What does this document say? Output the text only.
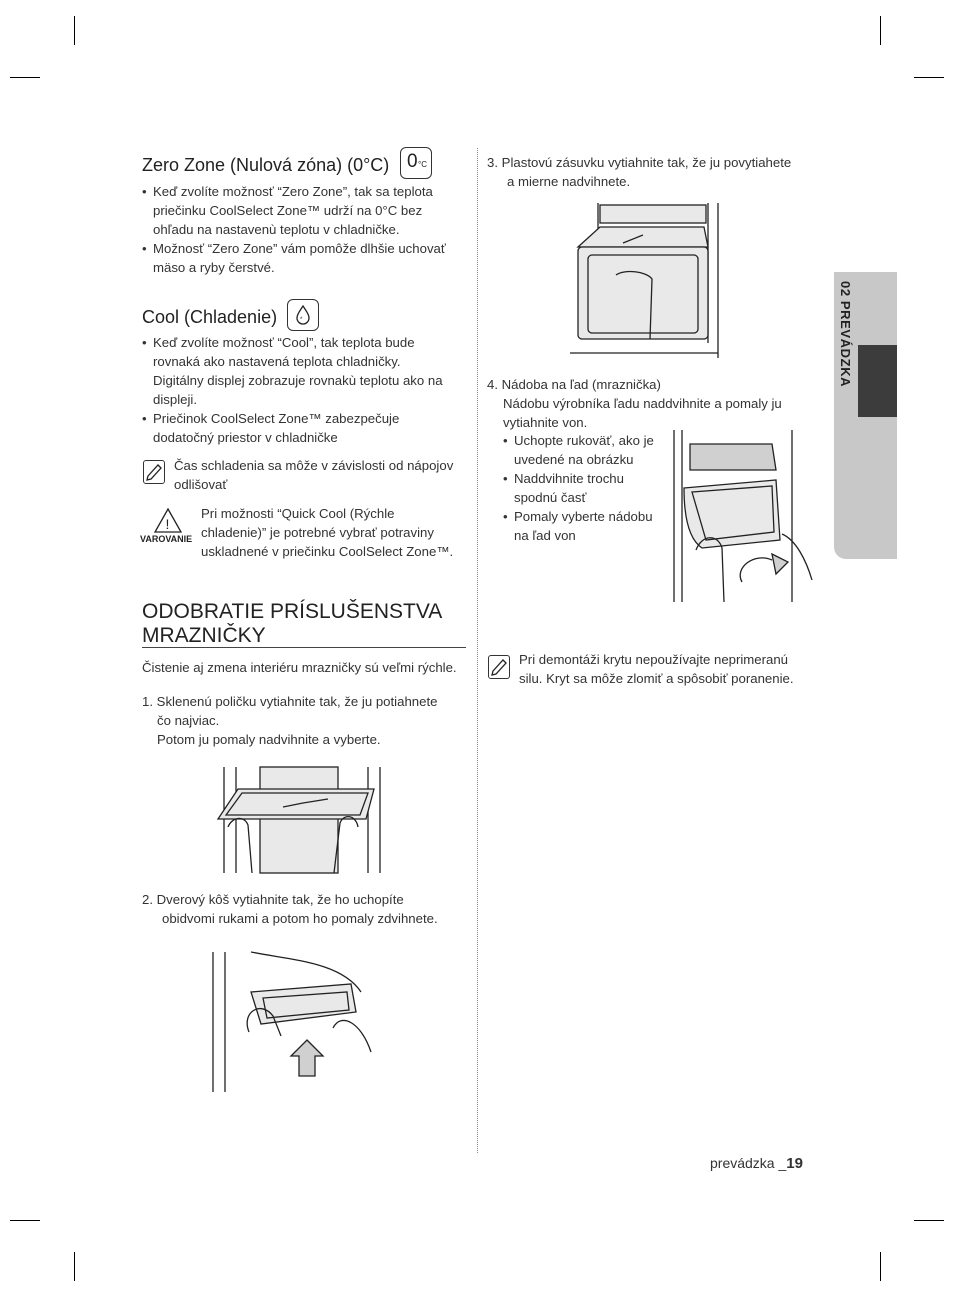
02 PREVÁDZKA
Zero Zone (Nulová zóna) (0°C) 0 °C
• Keď zvolíte možnosť “Zero Zone”, tak sa teplota
priečinku CoolSelect Zone™ udrží na 0°C bez
ohľadu na nastavenù teplotu v chladničke.
• Možnosť “Zero Zone” vám pomôže dlhšie uchovať
mäso a ryby čerstvé.
Cool (Chladenie)	*
• Keď zvolíte možnosť “Cool”, tak teplota bude
rovnaká ako nastavená teplota chladničky.
Digitálny displej zobrazuje rovnakù teplotu ako na
displeji.
• Priečinok CoolSelect Zone™ zabezpečuje
dodatočný priestor v chladničke
Čas schladenia sa môže v závislosti od nápojov
odlišovať
!
VAROVANIE
Pri možnosti “Quick Cool (Rýchle
chladenie)” je potrebné vybrať potraviny
uskladnené v priečinku CoolSelect Zone™.
ODOBRATIE PRÍSLUŠENSTVA
MRAZNIČKY
Čistenie aj zmena interiéru mrazničky sú veľmi rýchle.
1. Sklenenú poličku vytiahnite tak, že ju potiahnete
čo najviac.
Potom ju pomaly nadvihnite a vyberte.
2. Dverový kôš vytiahnite tak, že ho uchopíte
obidvomi rukami a potom ho pomaly zdvihnete.
3. Plastovú zásuvku vytiahnite tak, že ju povytiahete
a mierne nadvihnete.
4. Nádoba na ľad (mraznička)
Nádobu výrobníka ľadu naddvihnite a pomaly ju
vytiahnite von.
• Uchopte rukoväť, ako je
uvedené na obrázku
• Naddvihnite trochu
spodnú časť
• Pomaly vyberte nádobu
na ľad von
Pri demontáži krytu nepoužívajte neprimeranú
silu. Kryt sa môže zlomiť a spôsobiť poranenie.
prevádzka _19
